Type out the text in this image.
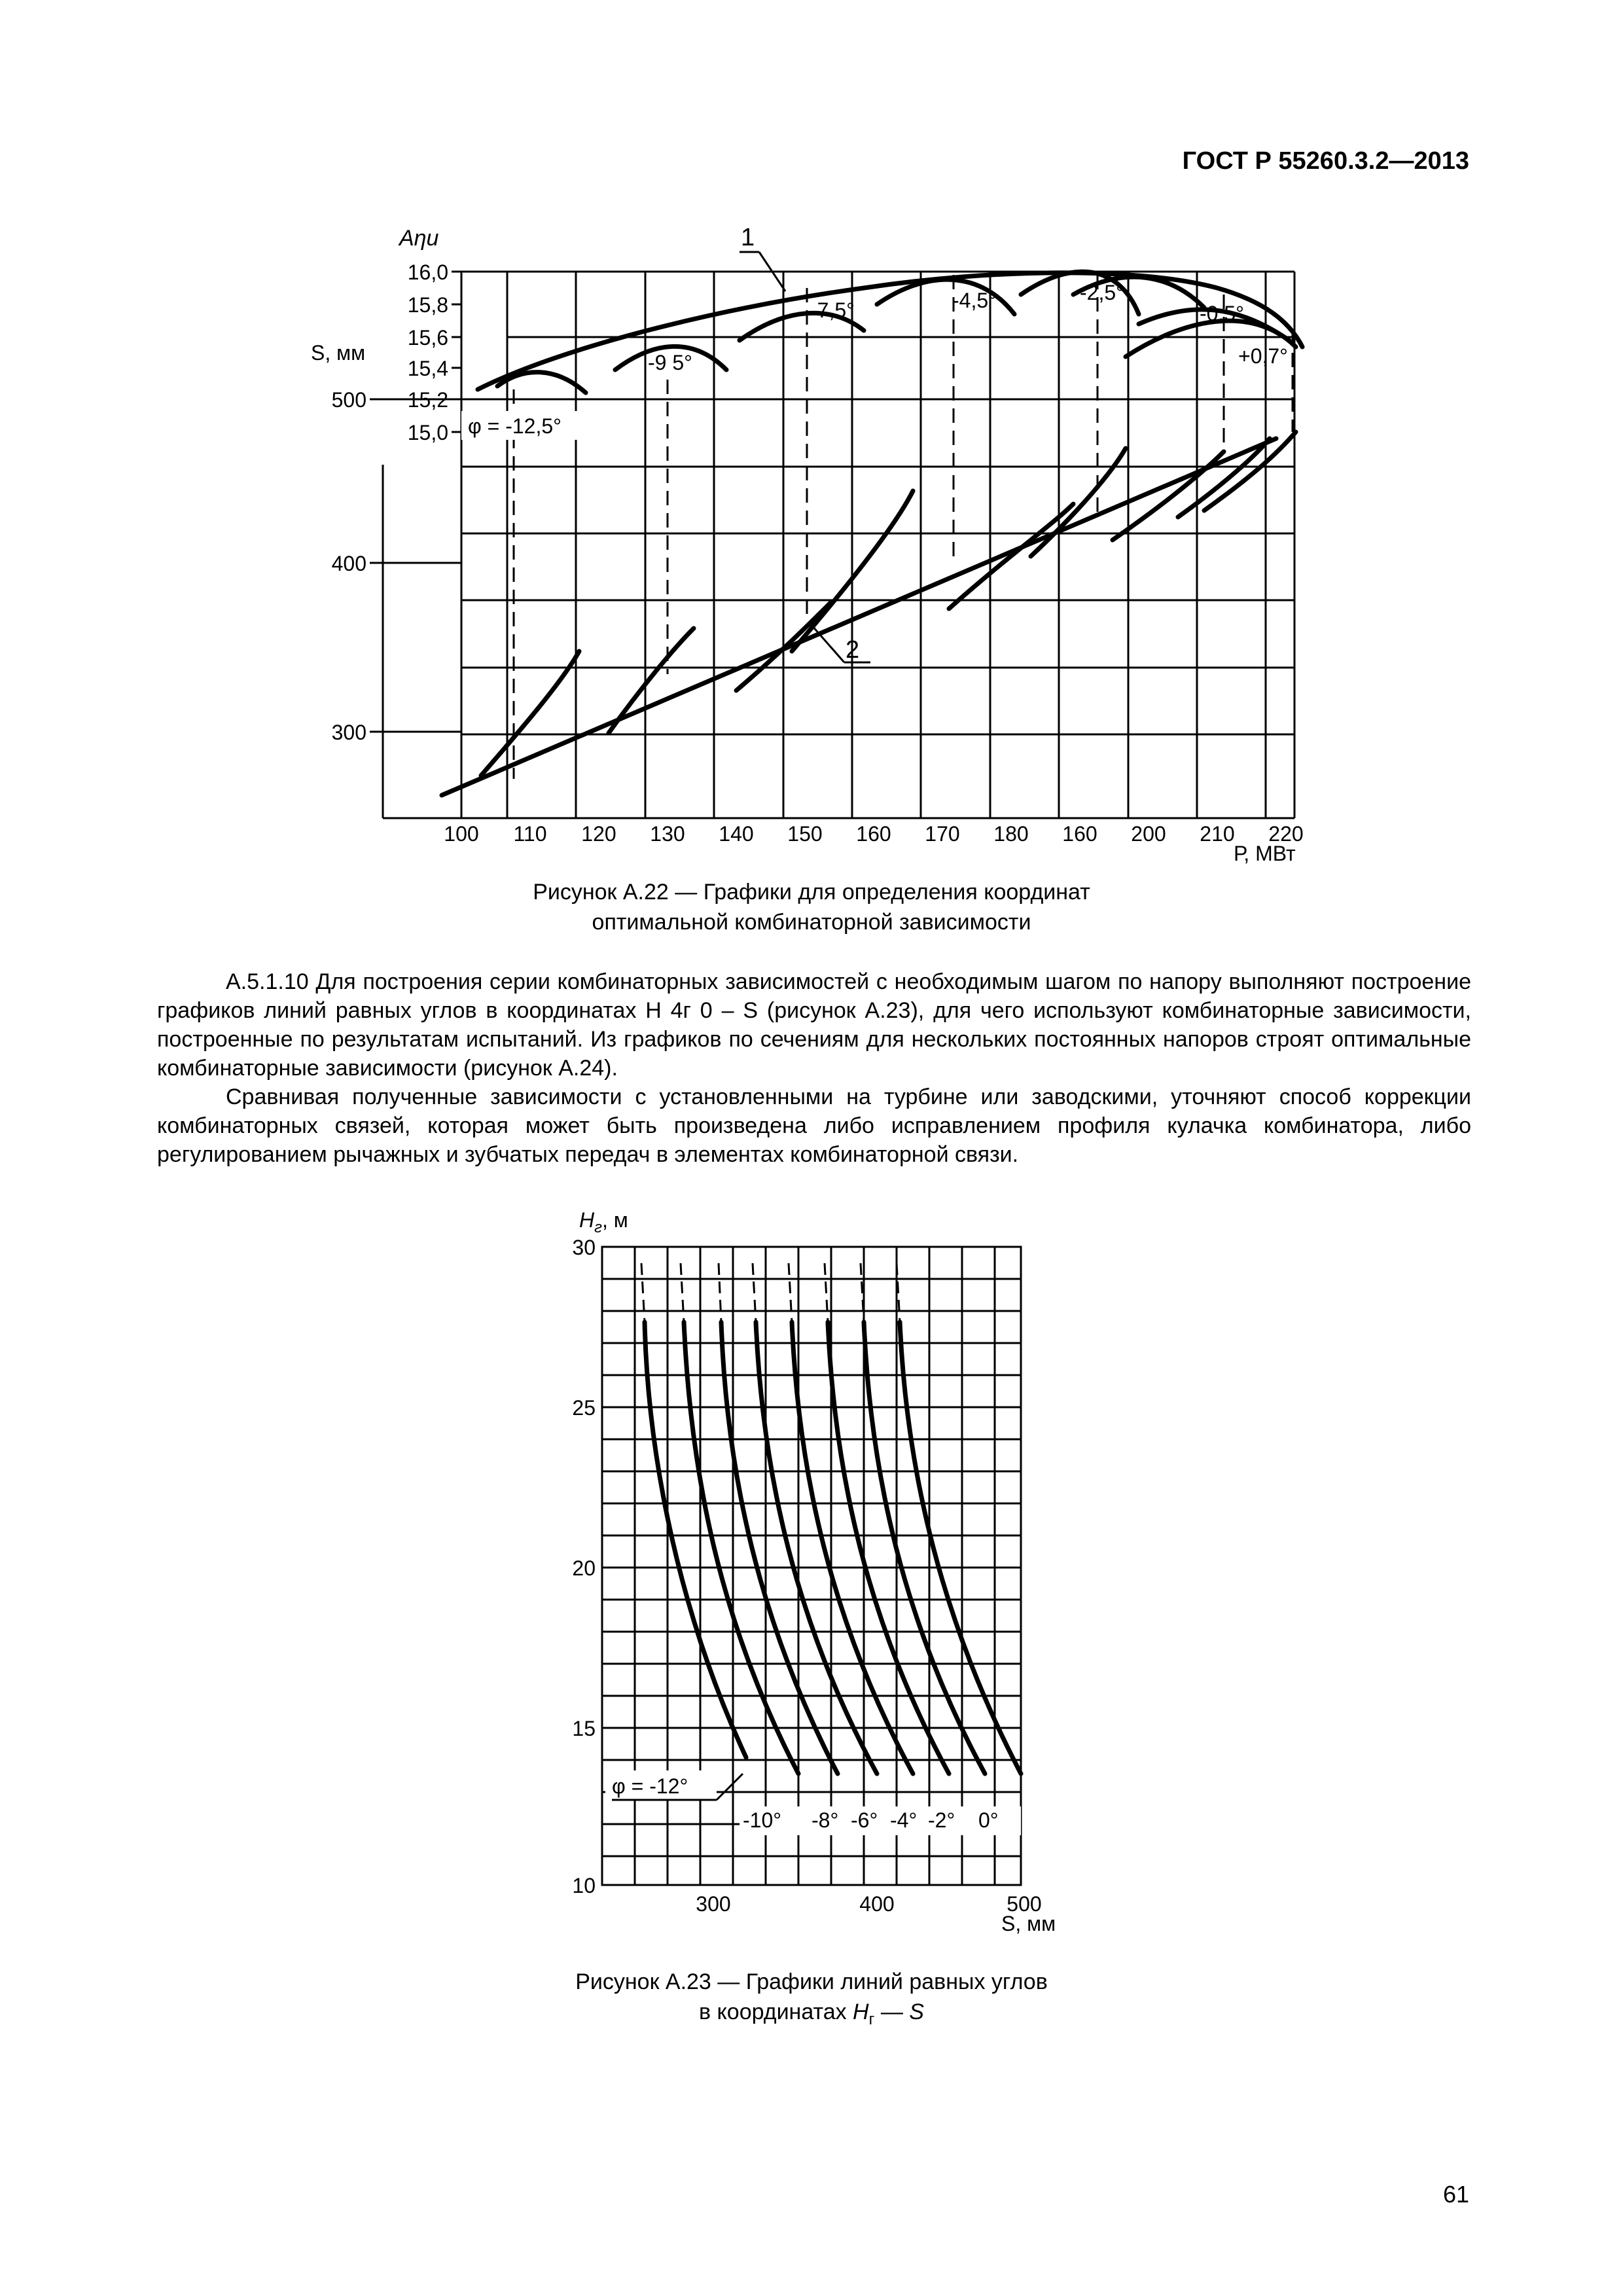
ГОСТ Р 55260.3.2—2013
Аηи
S, мм
Р, МВт
16,0
15,8
15,6
15,4
15,2
15,0
500
400
300
100 110 120 130 140 150 160 170 180 160 200 210 220
φ = -12,5°
-9 5°
-7,5°	-4,5°	-2,5°
-0,5°
+0,7°
1
2
Рисунок А.22 — Графики для определения координат
оптимальной комбинаторной зависимости
А.5.1.10 Для построения серии комбинаторных зависимостей с необходимым шагом по напору выполняют построение графиков линий равных углов в координатах Н 4г 0 – S (рисунок А.23), для чего используют комбинаторные зависимости, построенные по результатам испытаний. Из графиков по сечениям для нескольких постоянных напоров строят оптимальные комбинаторные зависимости (рисунок А.24).
Сравнивая полученные зависимости с установленными на турбине или заводскими, уточняют способ коррекции комбинаторных связей, которая может быть произведена либо исправлением профиля кулачка комбинатора, либо регулированием рычажных и зубчатых передач в элементах комбинаторной связи.
$Н_г$, м
S, мм
30
25
20
15
10
300	400	500
φ = -12°
-10° -8° -6° -4° -2° 0°
Рисунок А.23 — Графики линий равных углов
в координатах $Н_г$ — S
61
